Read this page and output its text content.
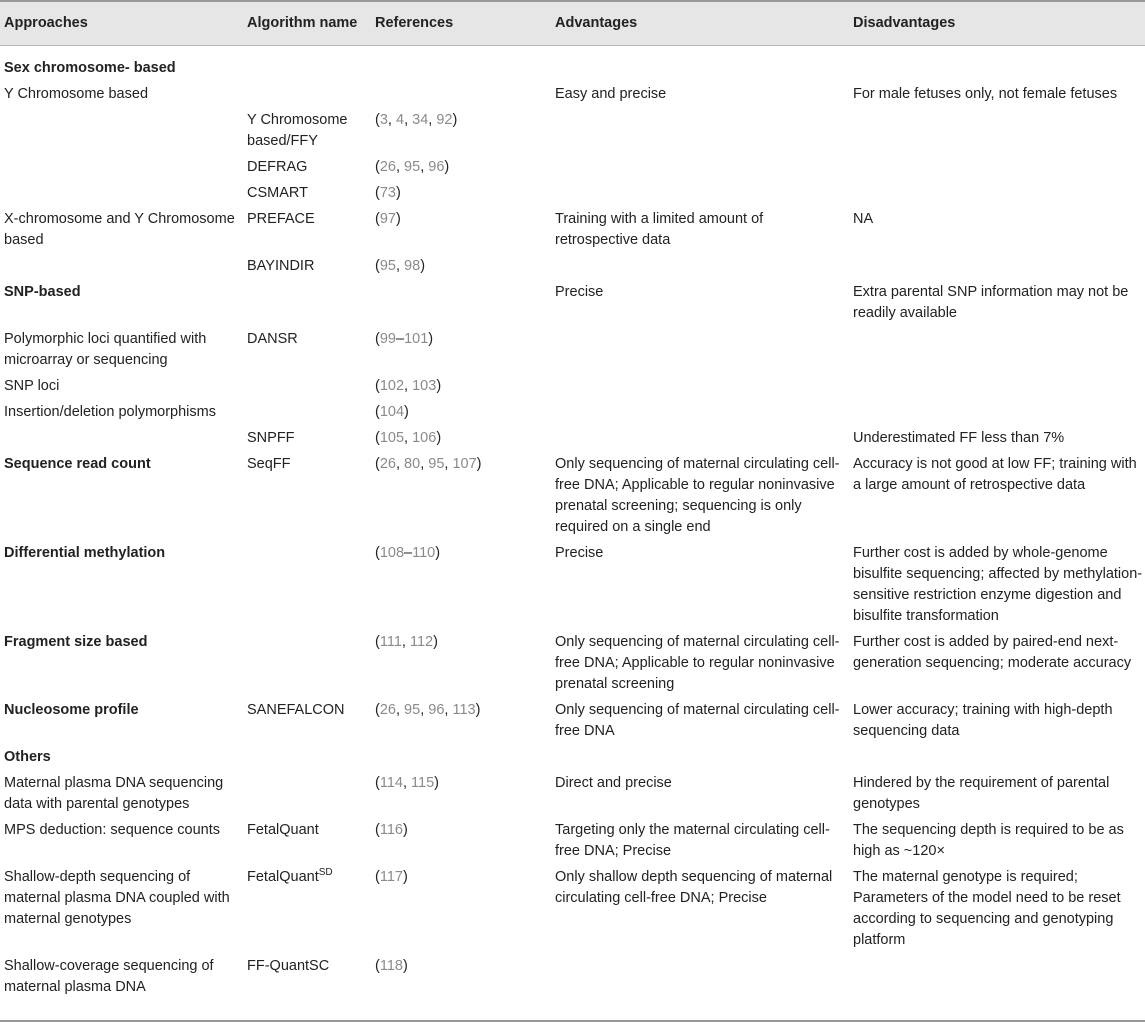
Approaches	Algorithm name	References	Advantages	Disadvantages
Sex chromosome- based				
Y Chromosome based			Easy and precise	For male fetuses only, not female fetuses
	Y Chromosome based/FFY	(3, 4, 34, 92)		
	DEFRAG	(26, 95, 96)		
	CSMART	(73)		
X-chromosome and Y Chromosome based	PREFACE	(97)	Training with a limited amount of retrospective data	NA
	BAYINDIR	(95, 98)		
SNP-based			Precise	Extra parental SNP information may not be readily available
Polymorphic loci quantified with microarray or sequencing	DANSR	(99–101)		
SNP loci		(102, 103)		
Insertion/deletion polymorphisms		(104)		
	SNPFF	(105, 106)		Underestimated FF less than 7%
Sequence read count	SeqFF	(26, 80, 95, 107)	Only sequencing of maternal circulating cell-free DNA; Applicable to regular noninvasive prenatal screening; sequencing is only required on a single end	Accuracy is not good at low FF; training with a large amount of retrospective data
Differential methylation		(108–110)	Precise	Further cost is added by whole-genome bisulfite sequencing; affected by methylation-sensitive restriction enzyme digestion and bisulfite transformation
Fragment size based		(111, 112)	Only sequencing of maternal circulating cell-free DNA; Applicable to regular noninvasive prenatal screening	Further cost is added by paired-end next-generation sequencing; moderate accuracy
Nucleosome profile	SANEFALCON	(26, 95, 96, 113)	Only sequencing of maternal circulating cell-free DNA	Lower accuracy; training with high-depth sequencing data
Others				
Maternal plasma DNA sequencing data with parental genotypes		(114, 115)	Direct and precise	Hindered by the requirement of parental genotypes
MPS deduction: sequence counts	FetalQuant	(116)	Targeting only the maternal circulating cell-free DNA; Precise	The sequencing depth is required to be as high as ~120×
Shallow-depth sequencing of maternal plasma DNA coupled with maternal genotypes	FetalQuant$^{SD}$	(117)	Only shallow depth sequencing of maternal circulating cell-free DNA; Precise	The maternal genotype is required; Parameters of the model need to be reset according to sequencing and genotyping platform
Shallow-coverage sequencing of maternal plasma DNA	FF-QuantSC	(118)		
